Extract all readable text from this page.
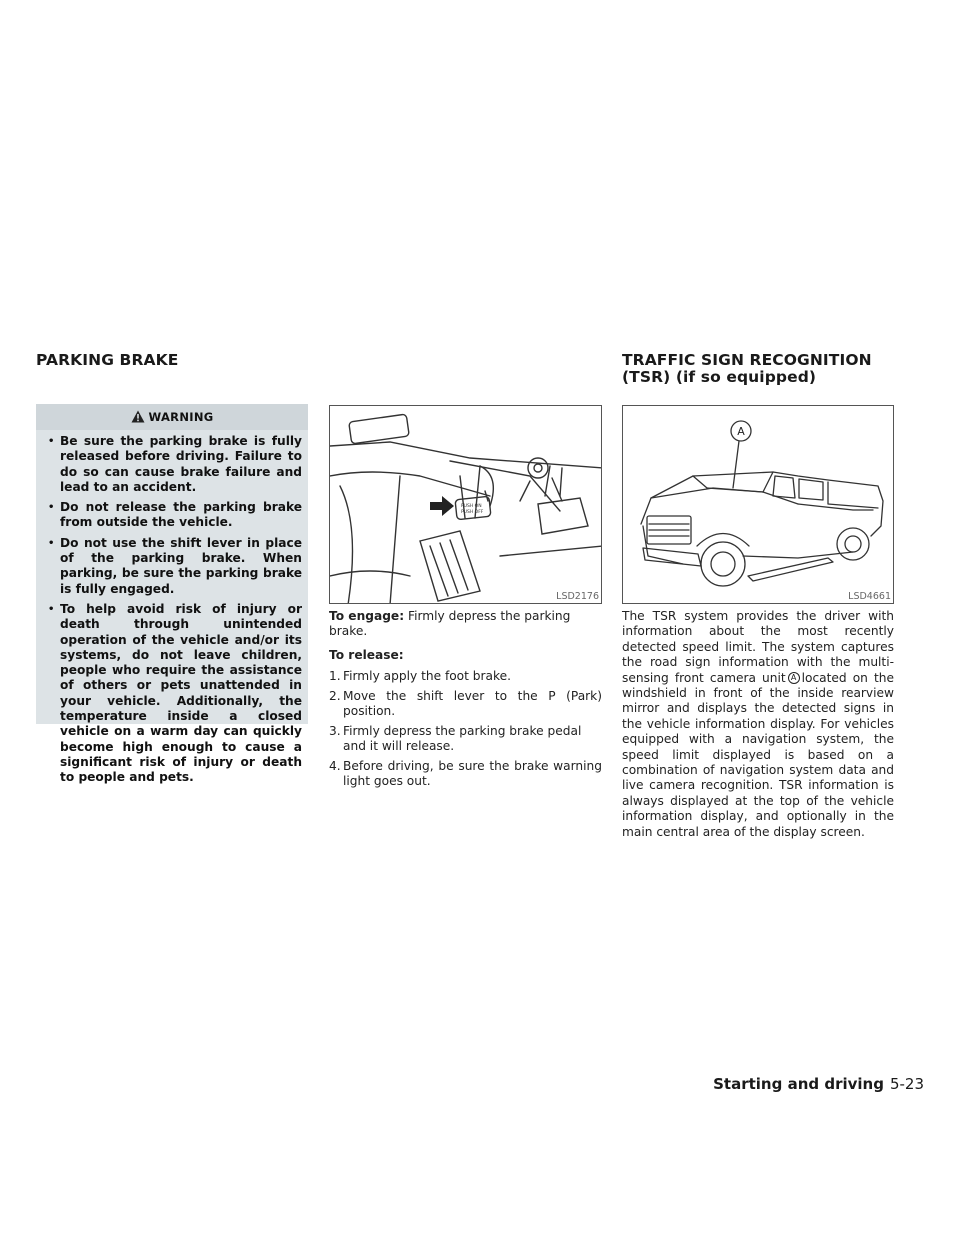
PARKING BRAKE	TRAFFIC SIGN RECOGNITION (TSR) (if so equipped)
WARNING
• Be sure the parking brake is fully released before driving. Failure to do so can cause brake failure and lead to an accident.
• Do not release the parking brake from outside the vehicle.
• Do not use the shift lever in place of the parking brake. When parking, be sure the parking brake is fully engaged.
• To help avoid risk of injury or death through unintended operation of the vehicle and/or its systems, do not leave children, people who require the assistance of others or pets unattended in your vehicle. Additionally, the temperature inside a closed vehicle on a warm day can quickly become high enough to cause a significant risk of injury or death to people and pets.
PUSH ON
PUSH OFF
LSD2176
A
LSD4661
To engage: Firmly depress the parking brake.
To release:
1. Firmly apply the foot brake.
2. Move the shift lever to the P (Park) position.
3. Firmly depress the parking brake pedal and it will release.
4. Before driving, be sure the brake warning light goes out.
The TSR system provides the driver with information about the most recently detected speed limit. The system captures the road sign information with the multi-sensing front camera unit A located on the windshield in front of the inside rearview mirror and displays the detected signs in the vehicle information display. For vehicles equipped with a navigation system, the speed limit displayed is based on a combination of navigation system data and live camera recognition. TSR information is always displayed at the top of the vehicle information display, and optionally in the main central area of the display screen.
Starting and driving 5-23
